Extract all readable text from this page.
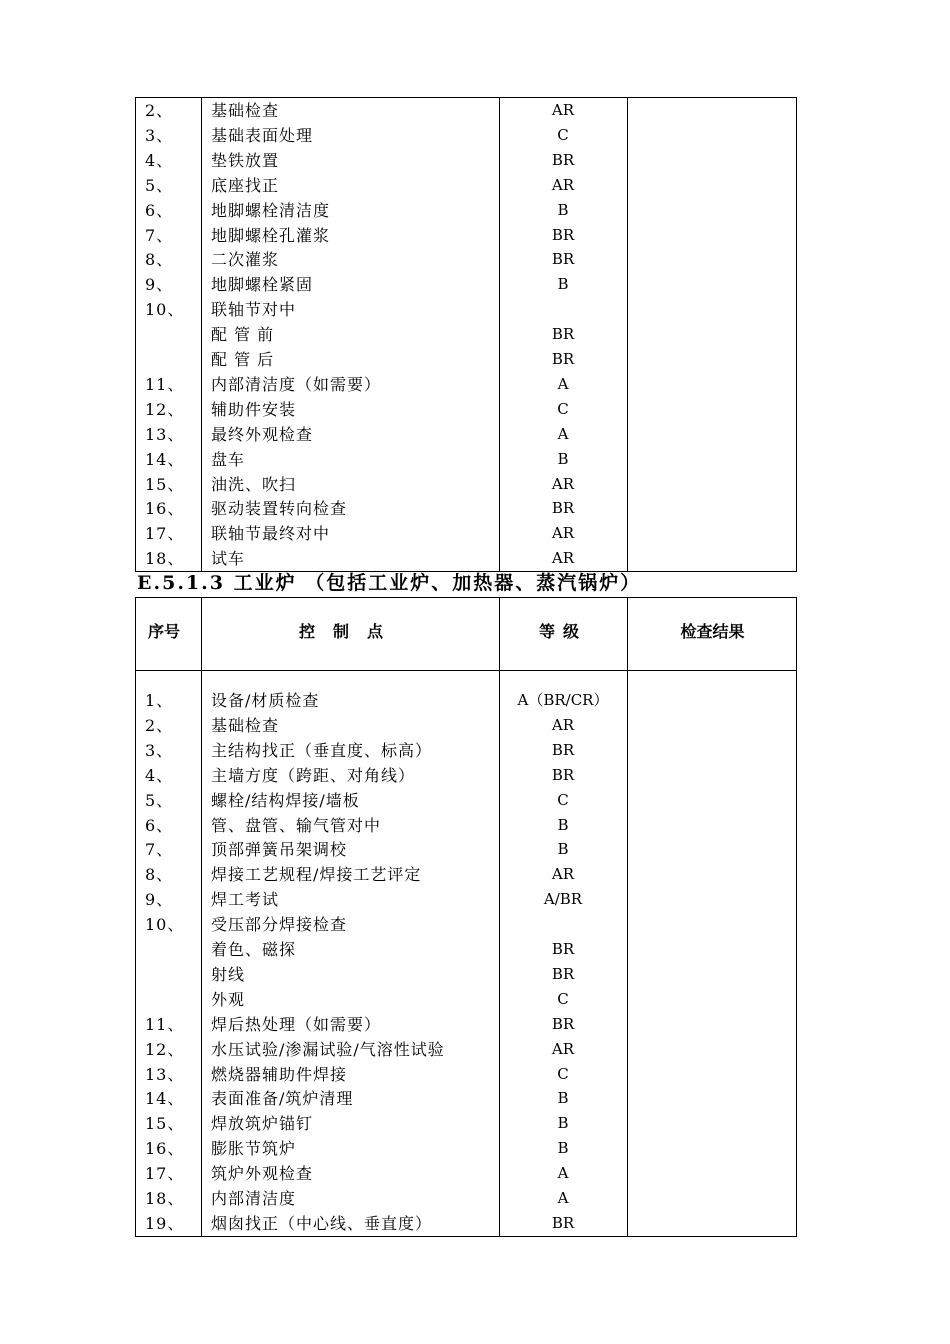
2、 基础检查	AR
3、 基础表面处理	C
4、 垫铁放置	BR
5、 底座找正	AR
6、 地脚螺栓清洁度	B
7、 地脚螺栓孔灌浆	BR
8、 二次灌浆	BR
9、 地脚螺栓紧固	B
10、 联轴节对中
配 管 前	BR
配 管 后	BR
11、 内部清洁度（如需要）	A
12、 辅助件安装	C
13、 最终外观检查	A
14、 盘车	B
15、 油洗、吹扫	AR
16、 驱动装置转向检查	BR
17、 联轴节最终对中	AR
18、 试车	AR
E.5.1.3 工业炉 （包括工业炉、加热器、蒸汽锅炉）
序号	控制点	等级	检查结果
1、 设备/材质检查	A（BR/CR）
2、 基础检查	AR
3、 主结构找正（垂直度、标高）	BR
4、 主墙方度（跨距、对角线）	BR
5、 螺栓/结构焊接/墙板	C
6、 管、盘管、输气管对中	B
7、 顶部弹簧吊架调校	B
8、 焊接工艺规程/焊接工艺评定	AR
9、 焊工考试	A/BR
10、 受压部分焊接检查
着色、磁探	BR
射线	BR
外观	C
11、 焊后热处理（如需要）	BR
12、 水压试验/渗漏试验/气溶性试验	AR
13、 燃烧器辅助件焊接	C
14、 表面准备/筑炉清理	B
15、 焊放筑炉锚钉	B
16、 膨胀节筑炉	B
17、 筑炉外观检查	A
18、 内部清洁度	A
19、 烟囱找正（中心线、垂直度）	BR
